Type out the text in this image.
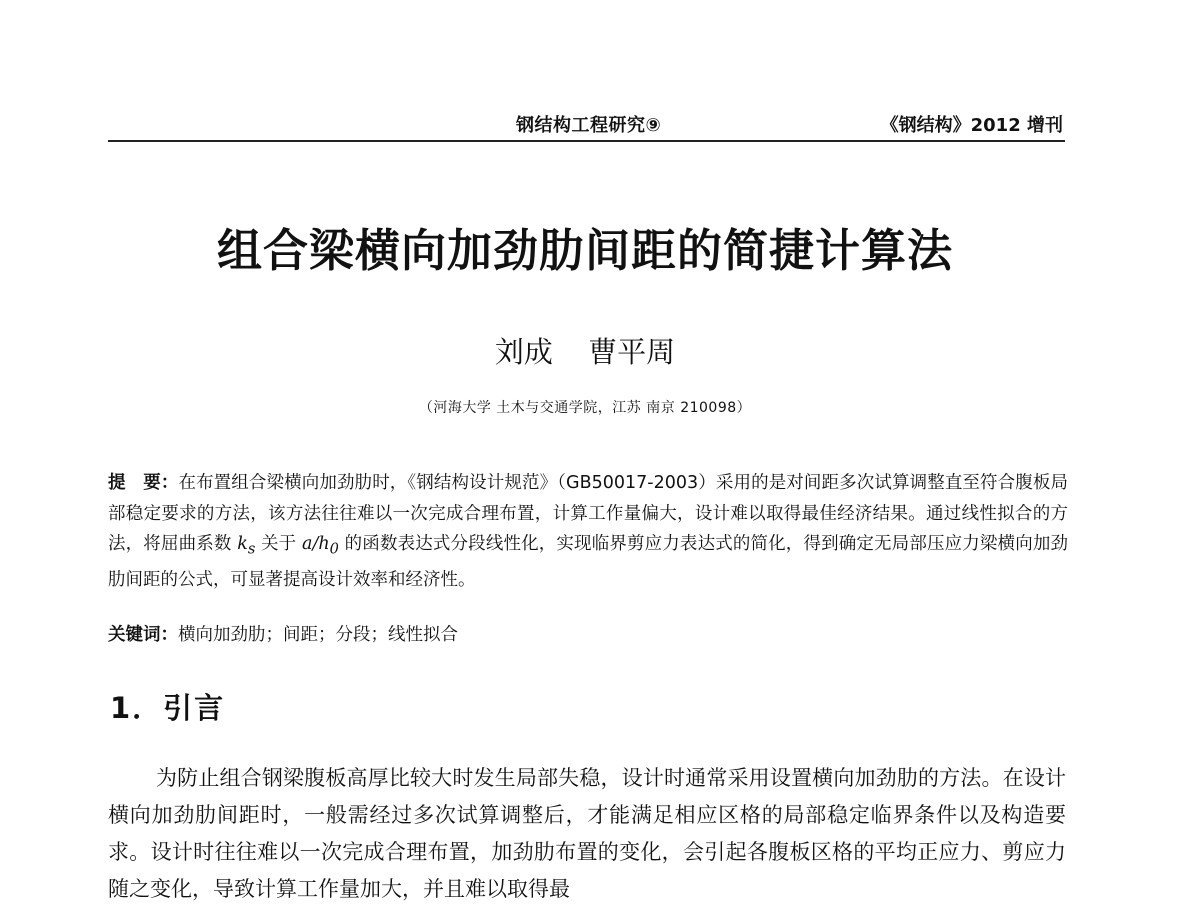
钢结构工程研究⑨	《钢结构》2012 增刊
组合梁横向加劲肋间距的简捷计算法
刘成 曹平周
（河海大学 土木与交通学院，江苏 南京 210098）

提　要：在布置组合梁横向加劲肋时，《钢结构设计规范》（GB50017-2003）采用的是对间距多次试算调整直至符合腹板局部稳定要求的方法，该方法往往难以一次完成合理布置，计算工作量偏大，设计难以取得最佳经济结果。通过线性拟合的方法，将屈曲系数 $k_s$ 关于 $a/h_0$ 的函数表达式分段线性化，实现临界剪应力表达式的简化，得到确定无局部压应力梁横向加劲肋间距的公式，可显著提高设计效率和经济性。

关键词：横向加劲肋；间距；分段；线性拟合

1．引言

为防止组合钢梁腹板高厚比较大时发生局部失稳，设计时通常采用设置横向加劲肋的方法。在设计横向加劲肋间距时，一般需经过多次试算调整后，才能满足相应区格的局部稳定临界条件以及构造要求。设计时往往难以一次完成合理布置，加劲肋布置的变化，会引起各腹板区格的平均正应力、剪应力随之变化，导致计算工作量加大，并且难以取得最
